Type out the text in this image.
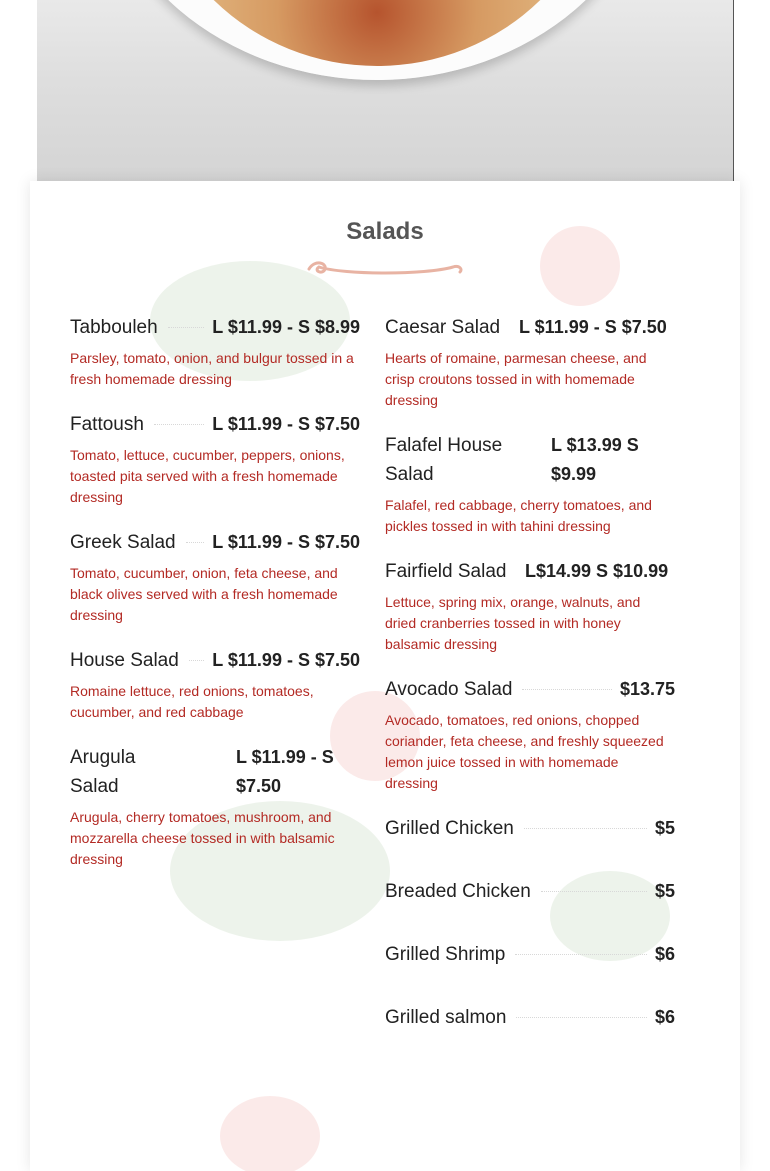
Salads
Tabbouleh	L $11.99 - S $8.99
Parsley, tomato, onion, and bulgur tossed in a fresh homemade dressing
Fattoush	L $11.99 - S $7.50
Tomato, lettuce, cucumber, peppers, onions, toasted pita served with a fresh homemade dressing
Greek Salad L $11.99 - S $7.50
Tomato, cucumber, onion, feta cheese, and black olives served with a fresh homemade dressing
House Salad L $11.99 - S $7.50
Romaine lettuce, red onions, tomatoes, cucumber, and red cabbage
Arugula Salad
L $11.99 - S $7.50
Arugula, cherry tomatoes, mushroom, and mozzarella cheese tossed in with balsamic dressing
Caesar Salad L $11.99 - S $7.50
Hearts of romaine, parmesan cheese, and crisp croutons tossed in with homemade dressing
Falafel House Salad
L $13.99 S $9.99
Falafel, red cabbage, cherry tomatoes, and pickles tossed in with tahini dressing
Fairfield Salad	L$14.99 S $10.99
Lettuce, spring mix, orange, walnuts, and dried cranberries tossed in with honey balsamic dressing
Avocado Salad	$13.75
Avocado, tomatoes, red onions, chopped coriander, feta cheese, and freshly squeezed lemon juice tossed in with homemade dressing
Grilled Chicken	$5
Breaded Chicken	$5
Grilled Shrimp	$6
Grilled salmon	$6
